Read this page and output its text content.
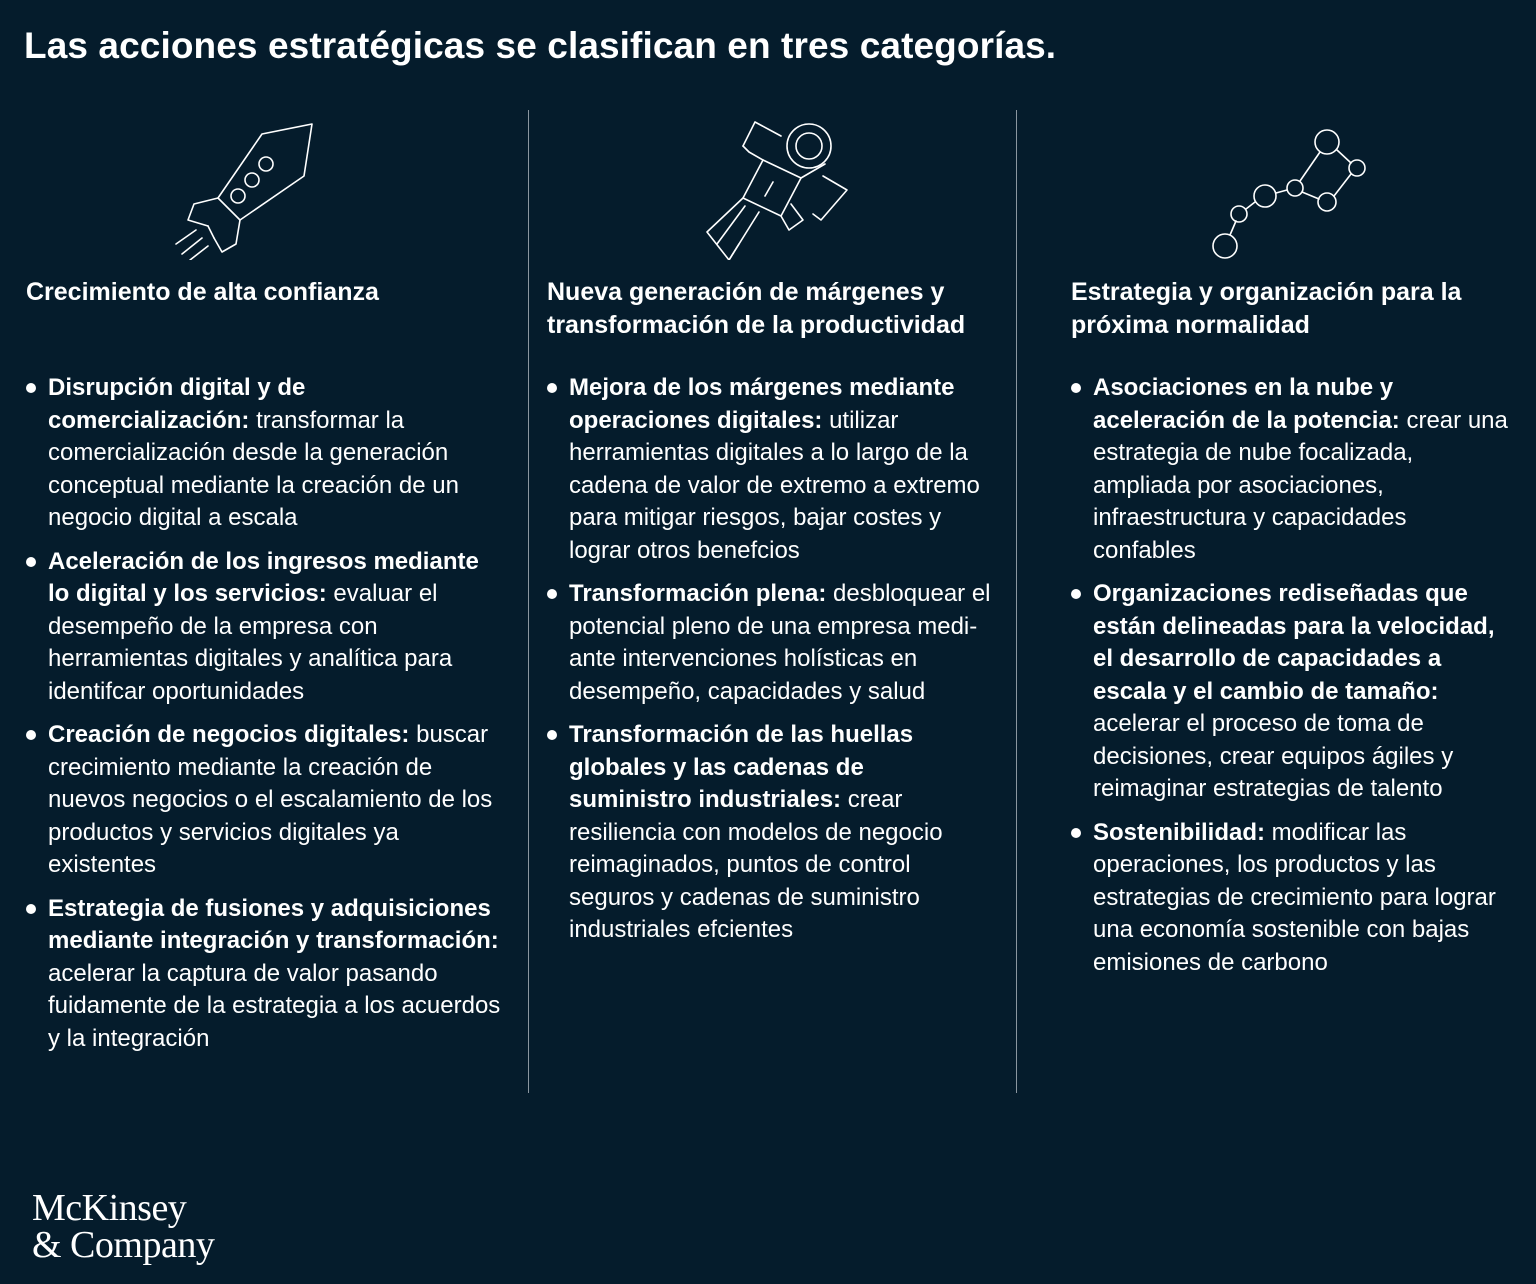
Las acciones estratégicas se clasifican en tres categorías.
Crecimiento de alta confianza
Disrupción digital y de comercialización: transformar la comercialización desde la generación conceptual mediante la creación de un negocio digital a escala
Aceleración de los ingresos mediante lo digital y los servicios: evaluar el desempeño de la empresa con herramientas digitales y analítica para identifcar oportunidades
Creación de negocios digitales: buscar crecimiento mediante la creación de nuevos negocios o el escalamiento de los productos y servicios digitales ya existentes
Estrategia de fusiones y adquisiciones mediante integración y transformación: acelerar la captura de valor pasando fuidamente de la estrategia a los acuerdos y la integración
Nueva generación de márgenes y transformación de la productividad
Mejora de los márgenes mediante operaciones digitales: utilizar herramientas digitales a lo largo de la cadena de valor de extremo a extremo para mitigar riesgos, bajar costes y lograr otros benefcios
Transformación plena: desbloquear el potencial pleno de una empresa medi- ante intervenciones holísticas en desempeño, capacidades y salud
Transformación de las huellas globales y las cadenas de suministro industriales: crear resiliencia con modelos de negocio reimaginados, puntos de control seguros y cadenas de suministro industriales efcientes
Estrategia y organización para la próxima normalidad
Asociaciones en la nube y aceleración de la potencia: crear una estrategia de nube focalizada, ampliada por asociaciones, infraestructura y capacidades confables
Organizaciones rediseñadas que están delineadas para la velocidad, el desarrollo de capacidades a escala y el cambio de tamaño: acelerar el proceso de toma de decisiones, crear equipos ágiles y reimaginar estrategias de talento
Sostenibilidad: modificar las operaciones, los productos y las estrategias de crecimiento para lograr una economía sostenible con bajas emisiones de carbono
McKinsey
& Company
